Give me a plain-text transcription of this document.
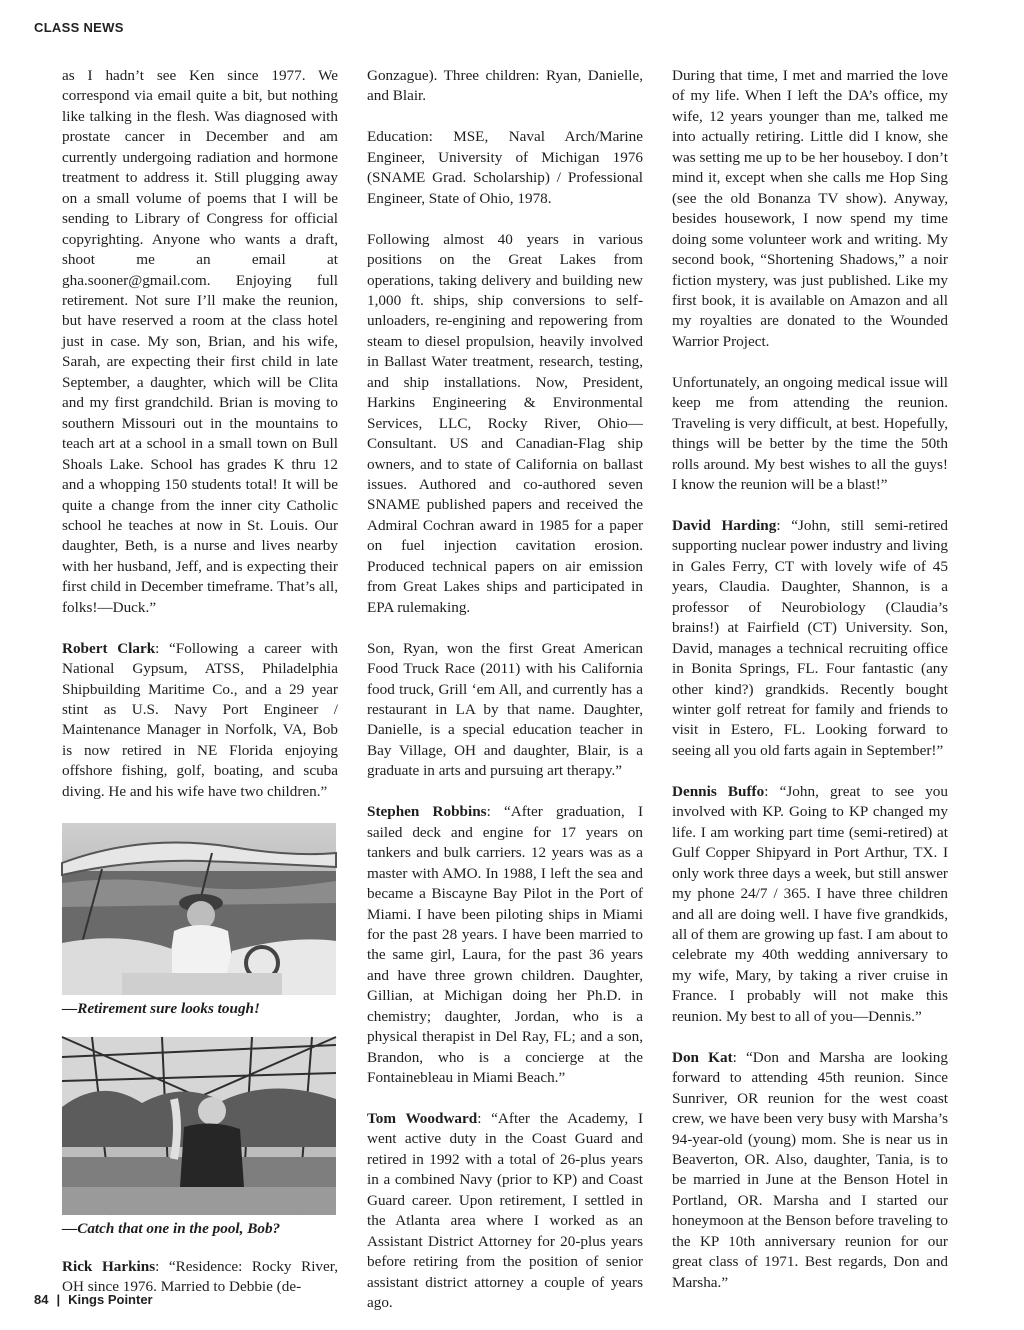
CLASS NEWS

as I hadn’t see Ken since 1977. We correspond via email quite a bit, but nothing like talking in the flesh. Was diagnosed with prostate cancer in December and am currently undergoing radiation and hormone treatment to address it. Still plugging away on a small volume of poems that I will be sending to Library of Congress for official copyrighting. Anyone who wants a draft, shoot me an email at gha.sooner@gmail.com. Enjoying full retirement. Not sure I’ll make the reunion, but have reserved a room at the class hotel just in case. My son, Brian, and his wife, Sarah, are expecting their first child in late September, a daughter, which will be Clita and my first grandchild. Brian is moving to southern Missouri out in the mountains to teach art at a school in a small town on Bull Shoals Lake. School has grades K thru 12 and a whopping 150 students total! It will be quite a change from the inner city Catholic school he teaches at now in St. Louis. Our daughter, Beth, is a nurse and lives nearby with her husband, Jeff, and is expecting their first child in December timeframe. That’s all, folks!—Duck.”

Robert Clark: “Following a career with National Gypsum, ATSS, Philadelphia Shipbuilding Maritime Co., and a 29 year stint as U.S. Navy Port Engineer / Maintenance Manager in Norfolk, VA, Bob is now retired in NE Florida enjoying offshore fishing, golf, boating, and scuba diving. He and his wife have two children.”

—Retirement sure looks tough!
—Catch that one in the pool, Bob?

Rick Harkins: “Residence: Rocky River, OH since 1976. Married to Debbie (de-

Gonzague). Three children: Ryan, Danielle, and Blair.

Education: MSE, Naval Arch/Marine Engineer, University of Michigan 1976 (SNAME Grad. Scholarship) / Professional Engineer, State of Ohio, 1978.

Following almost 40 years in various positions on the Great Lakes from operations, taking delivery and building new 1,000 ft. ships, ship conversions to self-unloaders, re-engining and repowering from steam to diesel propulsion, heavily involved in Ballast Water treatment, research, testing, and ship installations. Now, President, Harkins Engineering & Environmental Services, LLC, Rocky River, Ohio—Consultant. US and Canadian-Flag ship owners, and to state of California on ballast issues. Authored and co-authored seven SNAME published papers and received the Admiral Cochran award in 1985 for a paper on fuel injection cavitation erosion. Produced technical papers on air emission from Great Lakes ships and participated in EPA rulemaking.

Son, Ryan, won the first Great American Food Truck Race (2011) with his California food truck, Grill ‘em All, and currently has a restaurant in LA by that name. Daughter, Danielle, is a special education teacher in Bay Village, OH and daughter, Blair, is a graduate in arts and pursuing art therapy.”

Stephen Robbins: “After graduation, I sailed deck and engine for 17 years on tankers and bulk carriers. 12 years was as a master with AMO. In 1988, I left the sea and became a Biscayne Bay Pilot in the Port of Miami. I have been piloting ships in Miami for the past 28 years. I have been married to the same girl, Laura, for the past 36 years and have three grown children. Daughter, Gillian, at Michigan doing her Ph.D. in chemistry; daughter, Jordan, who is a physical therapist in Del Ray, FL; and a son, Brandon, who is a concierge at the Fontainebleau in Miami Beach.”

Tom Woodward: “After the Academy, I went active duty in the Coast Guard and retired in 1992 with a total of 26-plus years in a combined Navy (prior to KP) and Coast Guard career. Upon retirement, I settled in the Atlanta area where I worked as an Assistant District Attorney for 20-plus years before retiring from the position of senior assistant district attorney a couple of years ago.

During that time, I met and married the love of my life. When I left the DA’s office, my wife, 12 years younger than me, talked me into actually retiring. Little did I know, she was setting me up to be her houseboy. I don’t mind it, except when she calls me Hop Sing (see the old Bonanza TV show). Anyway, besides housework, I now spend my time doing some volunteer work and writing. My second book, “Shortening Shadows,” a noir fiction mystery, was just published. Like my first book, it is available on Amazon and all my royalties are donated to the Wounded Warrior Project.

Unfortunately, an ongoing medical issue will keep me from attending the reunion. Traveling is very difficult, at best. Hopefully, things will be better by the time the 50th rolls around. My best wishes to all the guys! I know the reunion will be a blast!”

David Harding: “John, still semi-retired supporting nuclear power industry and living in Gales Ferry, CT with lovely wife of 45 years, Claudia. Daughter, Shannon, is a professor of Neurobiology (Claudia’s brains!) at Fairfield (CT) University. Son, David, manages a technical recruiting office in Bonita Springs, FL. Four fantastic (any other kind?) grandkids. Recently bought winter golf retreat for family and friends to visit in Estero, FL. Looking forward to seeing all you old farts again in September!”

Dennis Buffo: “John, great to see you involved with KP. Going to KP changed my life. I am working part time (semi-retired) at Gulf Copper Shipyard in Port Arthur, TX. I only work three days a week, but still answer my phone 24/7 / 365. I have three children and all are doing well. I have five grandkids, all of them are growing up fast. I am about to celebrate my 40th wedding anniversary to my wife, Mary, by taking a river cruise in France. I probably will not make this reunion. My best to all of you—Dennis.”

Don Kat: “Don and Marsha are looking forward to attending 45th reunion. Since Sunriver, OR reunion for the west coast crew, we have been very busy with Marsha’s 94-year-old (young) mom. She is near us in Beaverton, OR. Also, daughter, Tania, is to be married in June at the Benson Hotel in Portland, OR. Marsha and I started our honeymoon at the Benson before traveling to the KP 10th anniversary reunion for our great class of 1971. Best regards, Don and Marsha.”

84 | Kings Pointer
